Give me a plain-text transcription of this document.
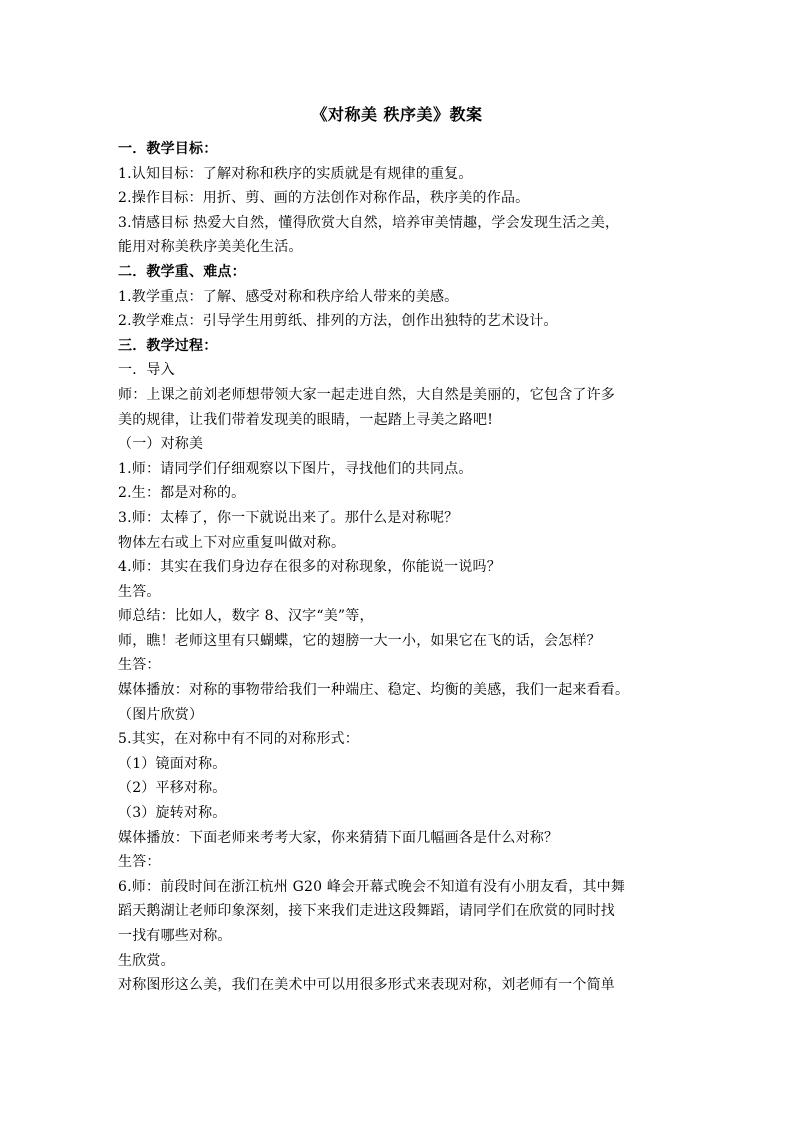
《对称美 秩序美》教案
一．教学目标：
1.认知目标：了解对称和秩序的实质就是有规律的重复。
2.操作目标：用折、剪、画的方法创作对称作品，秩序美的作品。
3.情感目标 热爱大自然，懂得欣赏大自然，培养审美情趣，学会发现生活之美，
能用对称美秩序美美化生活。
二．教学重、难点：
1.教学重点：了解、感受对称和秩序给人带来的美感。
2.教学难点：引导学生用剪纸、排列的方法，创作出独特的艺术设计。
三．教学过程：
一．导入
师：上课之前刘老师想带领大家一起走进自然，大自然是美丽的，它包含了许多
美的规律，让我们带着发现美的眼睛，一起踏上寻美之路吧!
（一）对称美
1.师：请同学们仔细观察以下图片，寻找他们的共同点。
2.生：都是对称的。
3.师：太棒了，你一下就说出来了。那什么是对称呢？
物体左右或上下对应重复叫做对称。
4.师：其实在我们身边存在很多的对称现象，你能说一说吗？
生答。
师总结：比如人，数字 8、汉字“美”等，
师，瞧！老师这里有只蝴蝶，它的翅膀一大一小，如果它在飞的话，会怎样？
生答：
媒体播放：对称的事物带给我们一种端庄、稳定、均衡的美感，我们一起来看看。
（图片欣赏）
5.其实，在对称中有不同的对称形式：
（1）镜面对称。
（2）平移对称。
（3）旋转对称。
媒体播放：下面老师来考考大家，你来猜猜下面几幅画各是什么对称？
生答：
6.师：前段时间在浙江杭州 G20 峰会开幕式晚会不知道有没有小朋友看，其中舞
蹈天鹅湖让老师印象深刻，接下来我们走进这段舞蹈，请同学们在欣赏的同时找
一找有哪些对称。
生欣赏。
对称图形这么美，我们在美术中可以用很多形式来表现对称，刘老师有一个简单
